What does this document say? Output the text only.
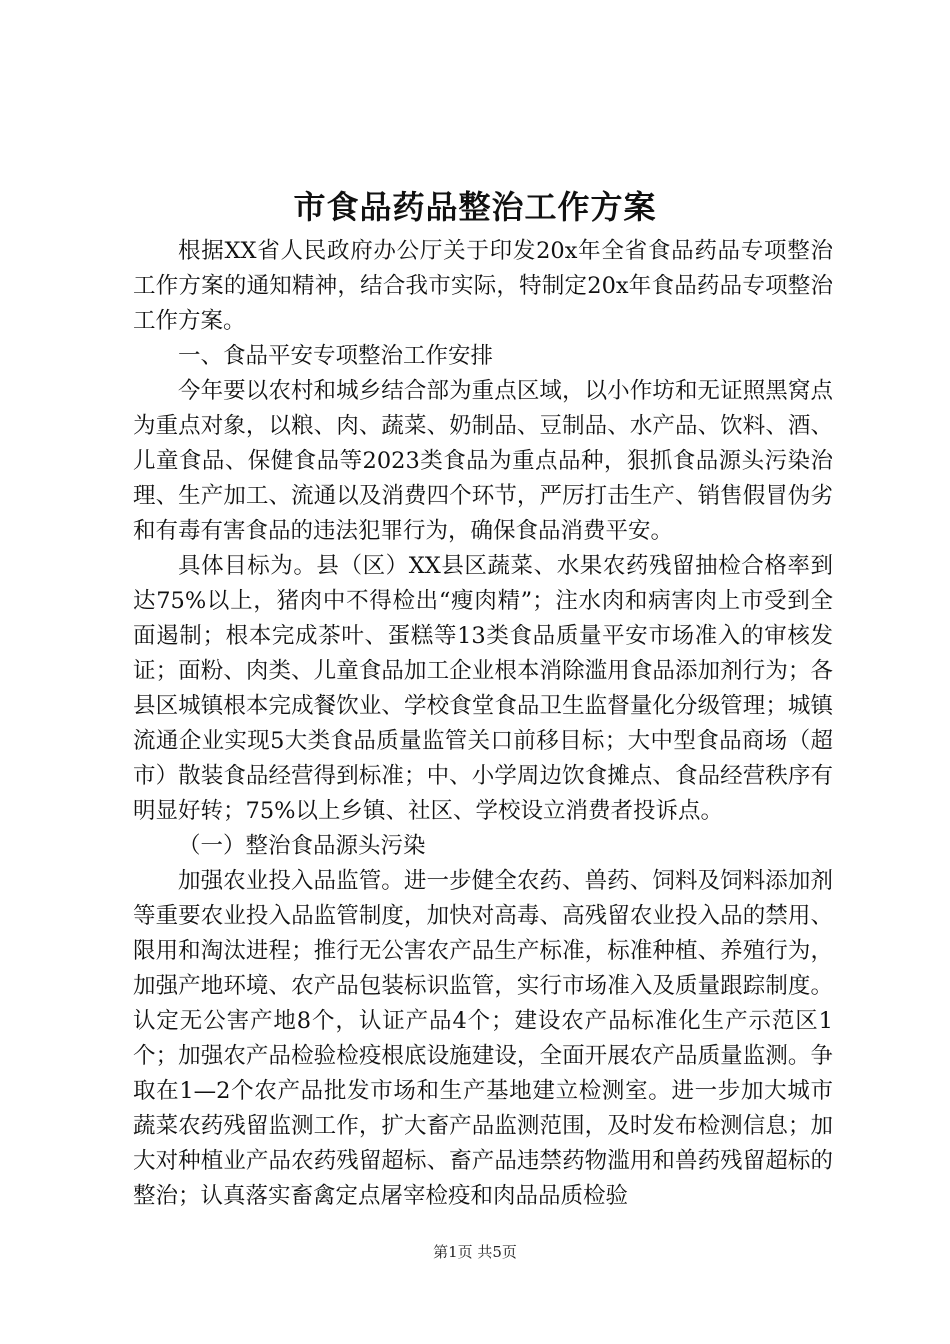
市食品药品整治工作方案

根据XX省人民政府办公厅关于印发20x年全省食品药品专项整治工作方案的通知精神，结合我市实际，特制定20x年食品药品专项整治工作方案。

一、食品平安专项整治工作安排

今年要以农村和城乡结合部为重点区域，以小作坊和无证照黑窝点为重点对象，以粮、肉、蔬菜、奶制品、豆制品、水产品、饮料、酒、儿童食品、保健食品等2023类食品为重点品种，狠抓食品源头污染治理、生产加工、流通以及消费四个环节，严厉打击生产、销售假冒伪劣和有毒有害食品的违法犯罪行为，确保食品消费平安。

具体目标为。县（区）XX县区蔬菜、水果农药残留抽检合格率到达75%以上，猪肉中不得检出“瘦肉精”；注水肉和病害肉上市受到全面遏制；根本完成茶叶、蛋糕等13类食品质量平安市场准入的审核发证；面粉、肉类、儿童食品加工企业根本消除滥用食品添加剂行为；各县区城镇根本完成餐饮业、学校食堂食品卫生监督量化分级管理；城镇流通企业实现5大类食品质量监管关口前移目标；大中型食品商场（超市）散装食品经营得到标准；中、小学周边饮食摊点、食品经营秩序有明显好转；75%以上乡镇、社区、学校设立消费者投诉点。

（一）整治食品源头污染

加强农业投入品监管。进一步健全农药、兽药、饲料及饲料添加剂等重要农业投入品监管制度，加快对高毒、高残留农业投入品的禁用、限用和淘汰进程；推行无公害农产品生产标准，标准种植、养殖行为，加强产地环境、农产品包装标识监管，实行市场准入及质量跟踪制度。认定无公害产地8个，认证产品4个；建设农产品标准化生产示范区1个；加强农产品检验检疫根底设施建设，全面开展农产品质量监测。争取在1—2个农产品批发市场和生产基地建立检测室。进一步加大城市蔬菜农药残留监测工作，扩大畜产品监测范围，及时发布检测信息；加大对种植业产品农药残留超标、畜产品违禁药物滥用和兽药残留超标的整治；认真落实畜禽定点屠宰检疫和肉品品质检验

第1页 共5页
